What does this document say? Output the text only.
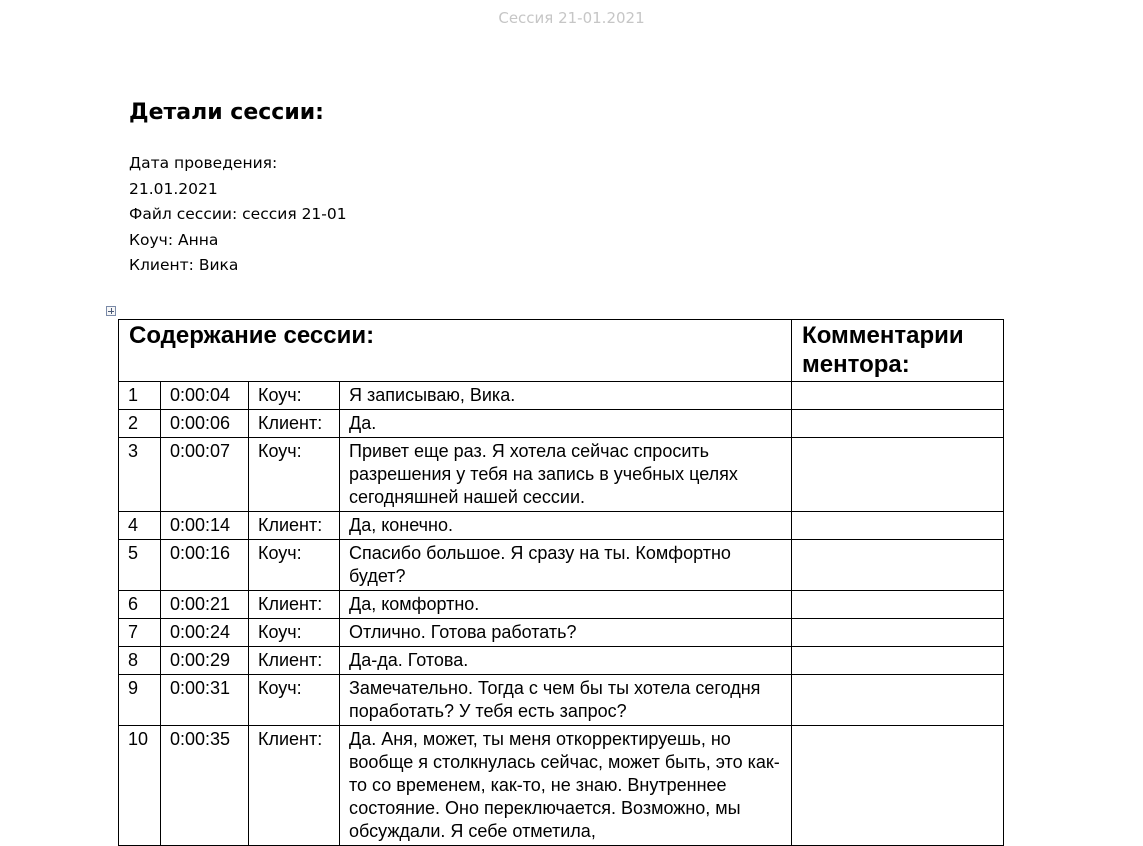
Сессия 21-01.2021
Детали сессии:
Дата проведения:
21.01.2021
Файл сессии: сессия 21-01
Коуч: Анна
Клиент: Вика
Содержание сессии:				Комментарии ментора:
1	0:00:04	Коуч:	Я записываю, Вика.	
2	0:00:06	Клиент:	Да.	
3	0:00:07	Коуч:	Привет еще раз. Я хотела сейчас спросить разрешения у тебя на запись в учебных целях сегодняшней нашей сессии.	
4	0:00:14	Клиент:	Да, конечно.	
5	0:00:16	Коуч:	Спасибо большое. Я сразу на ты. Комфортно будет?	
6	0:00:21	Клиент:	Да, комфортно.	
7	0:00:24	Коуч:	Отлично. Готова работать?	
8	0:00:29	Клиент:	Да-да. Готова.	
9	0:00:31	Коуч:	Замечательно. Тогда с чем бы ты хотела сегодня поработать? У тебя есть запрос?	
10	0:00:35	Клиент:	Да. Аня, может, ты меня откорректируешь, но вообще я столкнулась сейчас, может быть, это как-то со временем, как-то, не знаю. Внутреннее состояние. Оно переключается. Возможно, мы обсуждали. Я себе отметила,	
